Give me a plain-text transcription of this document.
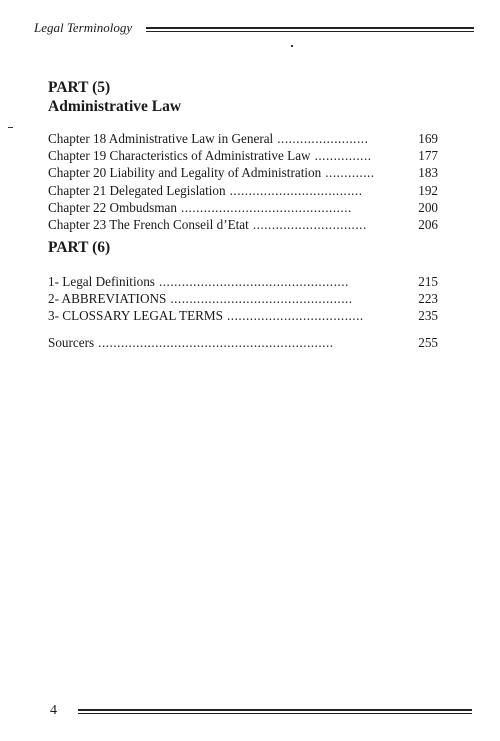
Legal Terminology
PART (5)
Administrative Law
Chapter 18 Administrative Law in General ........................	169
Chapter 19 Characteristics of Administrative Law ...............	177
Chapter 20 Liability and Legality of Administration .............	183
Chapter 21 Delegated Legislation ...................................	192
Chapter 22 Ombudsman .............................................	200
Chapter 23 The French Conseil d’Etat ..............................	206
PART (6)
1- Legal Definitions ..................................................	215
2- ABBREVIATIONS ................................................	223
3- CLOSSARY LEGAL TERMS ....................................	235
Sourcers ..............................................................	255
4
